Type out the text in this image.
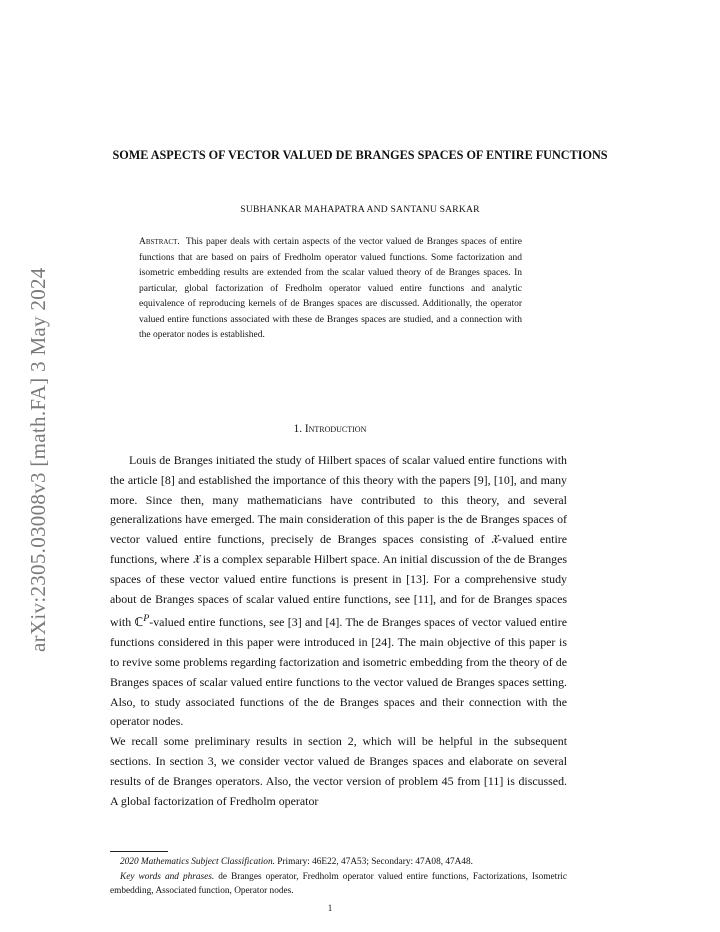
arXiv:2305.03008v3 [math.FA] 3 May 2024
SOME ASPECTS OF VECTOR VALUED DE BRANGES SPACES OF ENTIRE FUNCTIONS
SUBHANKAR MAHAPATRA AND SANTANU SARKAR
Abstract. This paper deals with certain aspects of the vector valued de Branges spaces of entire functions that are based on pairs of Fredholm operator valued functions. Some factorization and isometric embedding results are extended from the scalar valued theory of de Branges spaces. In particular, global factorization of Fredholm operator valued entire functions and analytic equivalence of reproducing kernels of de Branges spaces are discussed. Additionally, the operator valued entire functions associated with these de Branges spaces are studied, and a connection with the operator nodes is established.
1. Introduction

Louis de Branges initiated the study of Hilbert spaces of scalar valued entire functions with the article [8] and established the importance of this theory with the papers [9], [10], and many more. Since then, many mathematicians have contributed to this theory, and several generalizations have emerged. The main consideration of this paper is the de Branges spaces of vector valued entire functions, precisely de Branges spaces consisting of 𝔛-valued entire functions, where 𝔛 is a complex separable Hilbert space. An initial discussion of the de Branges spaces of these vector valued entire functions is present in [13]. For a comprehensive study about de Branges spaces of scalar valued entire functions, see [11], and for de Branges spaces with ℂ$^P$-valued entire functions, see [3] and [4]. The de Branges spaces of vector valued entire functions considered in this paper were introduced in [24]. The main objective of this paper is to revive some problems regarding factorization and isometric embedding from the theory of de Branges spaces of scalar valued entire functions to the vector valued de Branges spaces setting. Also, to study associated functions of the de Branges spaces and their connection with the operator nodes.

We recall some preliminary results in section 2, which will be helpful in the subsequent sections. In section 3, we consider vector valued de Branges spaces and elaborate on several results of de Branges operators. Also, the vector version of problem 45 from [11] is discussed. A global factorization of Fredholm operator

2020 Mathematics Subject Classification. Primary: 46E22, 47A53; Secondary: 47A08, 47A48.

Key words and phrases. de Branges operator, Fredholm operator valued entire functions, Factorizations, Isometric embedding, Associated function, Operator nodes.

1
